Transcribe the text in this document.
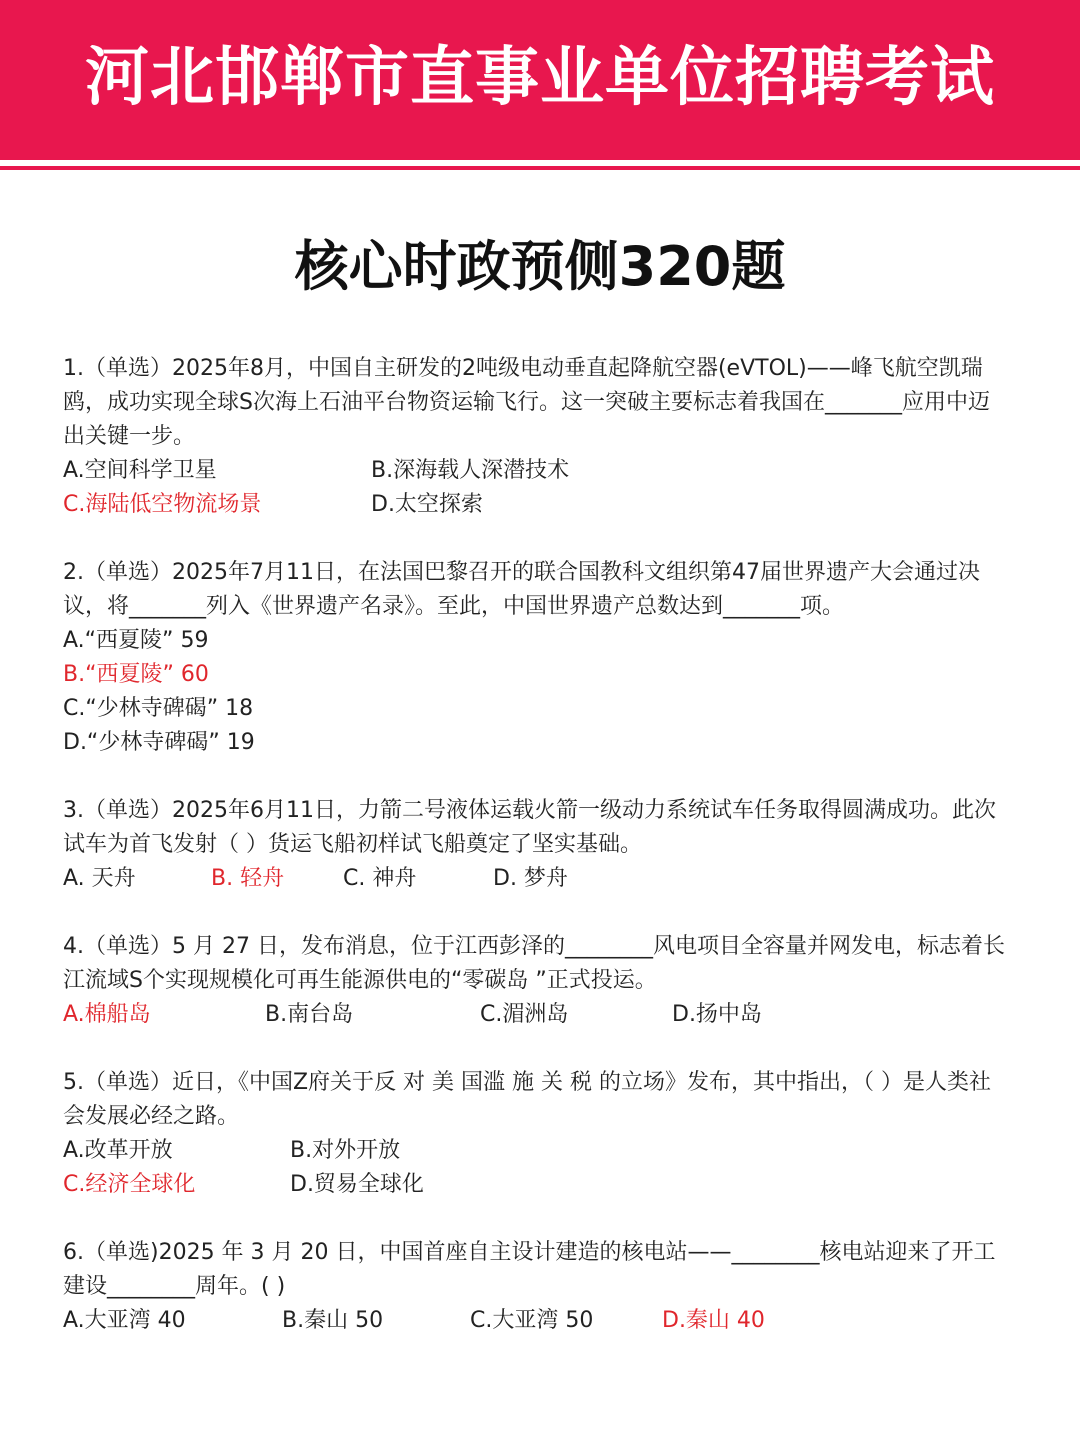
河北邯郸市直事业单位招聘考试
核心时政预侧320题
1.（单选）2025年8月，中国自主研发的2吨级电动垂直起降航空器(eVTOL)——峰飞航空凯瑞鸥，成功实现全球S次海上石油平台物资运输飞行。这一突破主要标志着我国在_______应用中迈出关键一步。
A.空间科学卫星	B.深海载人深潜技术
C.海陆低空物流场景	D.太空探索
2.（单选）2025年7月11日，在法国巴黎召开的联合国教科文组织第47届世界遗产大会通过决议，将_______列入《世界遗产名录》。至此，中国世界遗产总数达到_______项。
A.“西夏陵” 59
B.“西夏陵” 60
C.“少林寺碑碣” 18
D.“少林寺碑碣” 19
3.（单选）2025年6月11日，力箭二号液体运载火箭一级动力系统试车任务取得圆满成功。此次试车为首飞发射（ ）货运飞船初样试飞船奠定了坚实基础。
A. 天舟	B. 轻舟	C. 神舟	D. 梦舟
4.（单选）5 月 27 日，发布消息，位于江西彭泽的________风电项目全容量并网发电，标志着长江流域S个实现规模化可再生能源供电的“零碳岛 ”正式投运。
A.棉船岛	B.南台岛	C.湄洲岛	D.扬中岛
5.（单选）近日，《中国Z府关于反 对 美 国滥 施 关 税 的立场》发布，其中指出，（ ）是人类社会发展必经之路。
A.改革开放	B.对外开放
C.经济全球化	D.贸易全球化
6.（单选)2025 年 3 月 20 日，中国首座自主设计建造的核电站——________核电站迎来了开工建设________周年。( )
A.大亚湾 40	B.秦山 50	C.大亚湾 50	D.秦山 40
